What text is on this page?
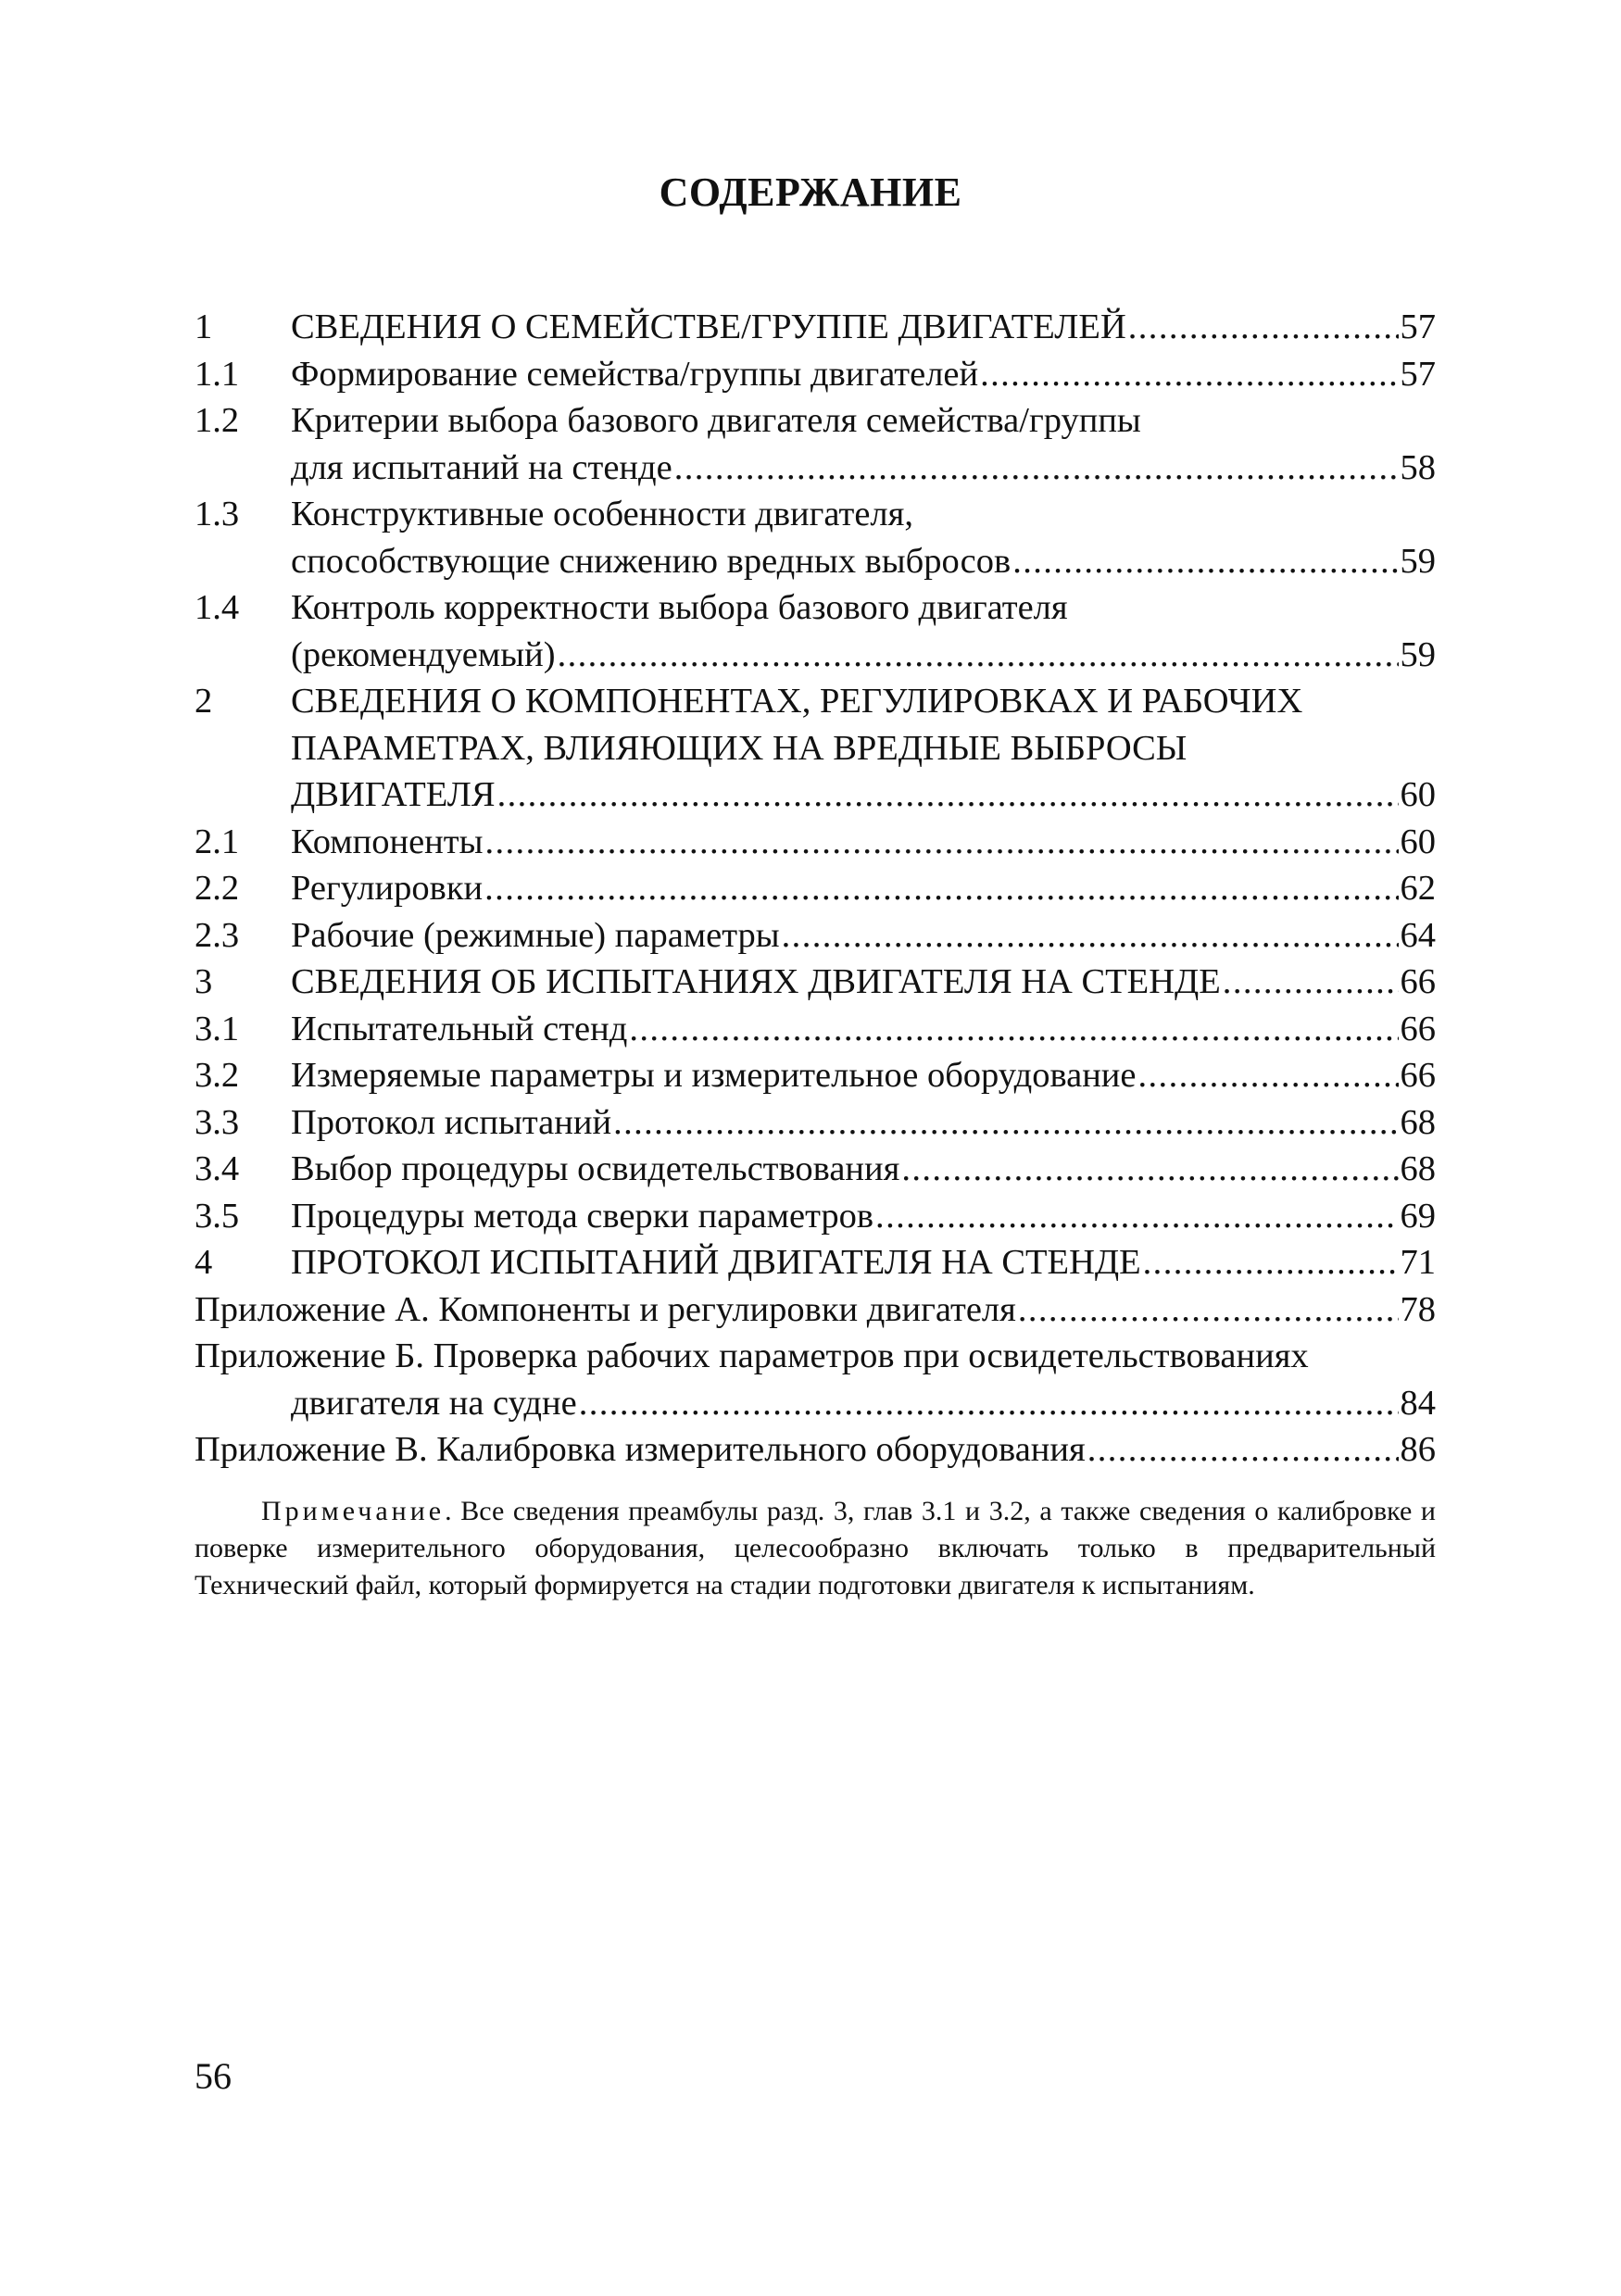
СОДЕРЖАНИЕ
1	СВЕДЕНИЯ О СЕМЕЙСТВЕ/ГРУППЕ ДВИГАТЕЛЕЙ .....	57
1.1	Формирование семейства/группы двигателей .....	57
1.2	Критерии выбора базового двигателя семейства/группы
для испытаний на стенде .....	58
1.3	Конструктивные особенности двигателя,
способствующие снижению вредных выбросов .....	59
1.4	Контроль корректности выбора базового двигателя
(рекомендуемый) .....	59
2	СВЕДЕНИЯ О КОМПОНЕНТАХ, РЕГУЛИРОВКАХ И РАБОЧИХ
ПАРАМЕТРАХ, ВЛИЯЮЩИХ НА ВРЕДНЫЕ ВЫБРОСЫ
ДВИГАТЕЛЯ .....	60
2.1	Компоненты .....	60
2.2	Регулировки .....	62
2.3	Рабочие (режимные) параметры .....	64
3	СВЕДЕНИЯ ОБ ИСПЫТАНИЯХ ДВИГАТЕЛЯ НА СТЕНДЕ .....	66
3.1	Испытательный стенд .....	66
3.2	Измеряемые параметры и измерительное оборудование .....	66
3.3	Протокол испытаний .....	68
3.4	Выбор процедуры освидетельствования .....	68
3.5	Процедуры метода сверки параметров .....	69
4	ПРОТОКОЛ ИСПЫТАНИЙ ДВИГАТЕЛЯ НА СТЕНДЕ .....	71
Приложение А. Компоненты и регулировки двигателя .....	78
Приложение Б. Проверка рабочих параметров при освидетельствованиях
двигателя на судне .....	84
Приложение В. Калибровка измерительного оборудования .....	86
Примечание. Все сведения преамбулы разд. 3, глав 3.1 и 3.2, а также сведения о калибровке и поверке измерительного оборудования, целесообразно включать только в предварительный Технический файл, который формируется на стадии подготовки двигателя к испытаниям.
56
